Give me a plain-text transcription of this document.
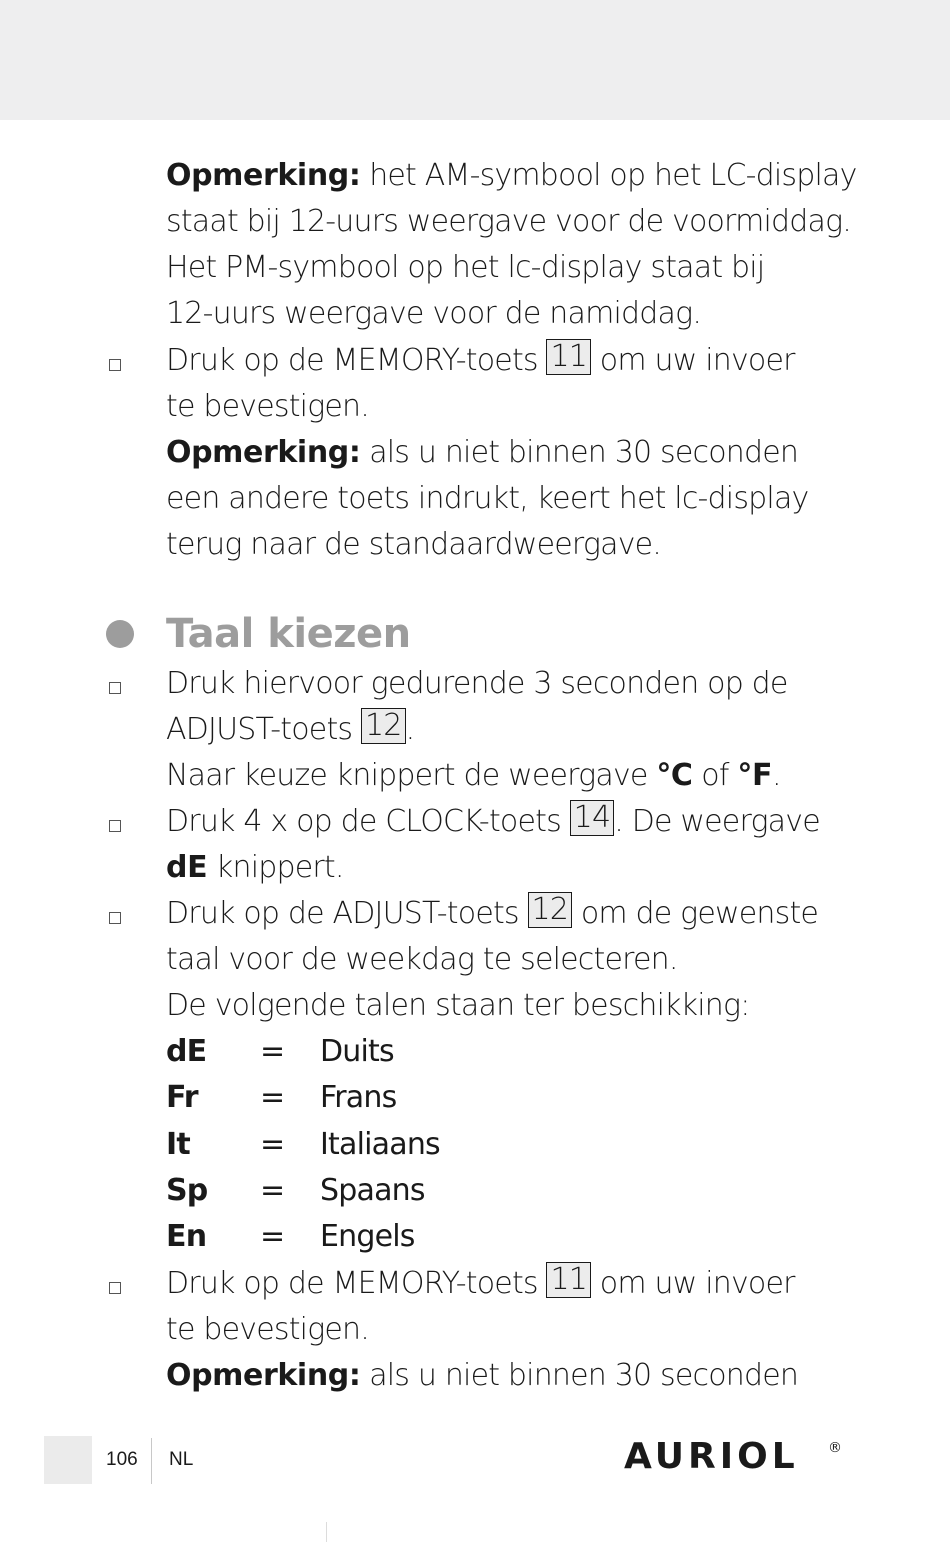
Opmerking: het AM-symbool op het LC-display
staat bij 12-uurs weergave voor de voormiddag.
Het PM-symbool op het lc-display staat bij
12-uurs weergave voor de namiddag.
Druk op de MEMORY-toets 11 om uw invoer
te bevestigen.
Opmerking: als u niet binnen 30 seconden
een andere toets indrukt, keert het lc-display
terug naar de standaardweergave.
Taal kiezen
Druk hiervoor gedurende 3 seconden op de
ADJUST-toets 12 .
Naar keuze knippert de weergave °C of °F.
Druk 4 x op de CLOCK-toets 14 . De weergave
dE knippert.
Druk op de ADJUST-toets 12 om de gewenste
taal voor de weekdag te selecteren.
De volgende talen staan ter beschikking:
dE = Duits
Fr = Frans
It = Italiaans
Sp = Spaans
En = Engels
Druk op de MEMORY-toets 11 om uw invoer
te bevestigen.
Opmerking: als u niet binnen 30 seconden
106 NL	AURIOL ®
